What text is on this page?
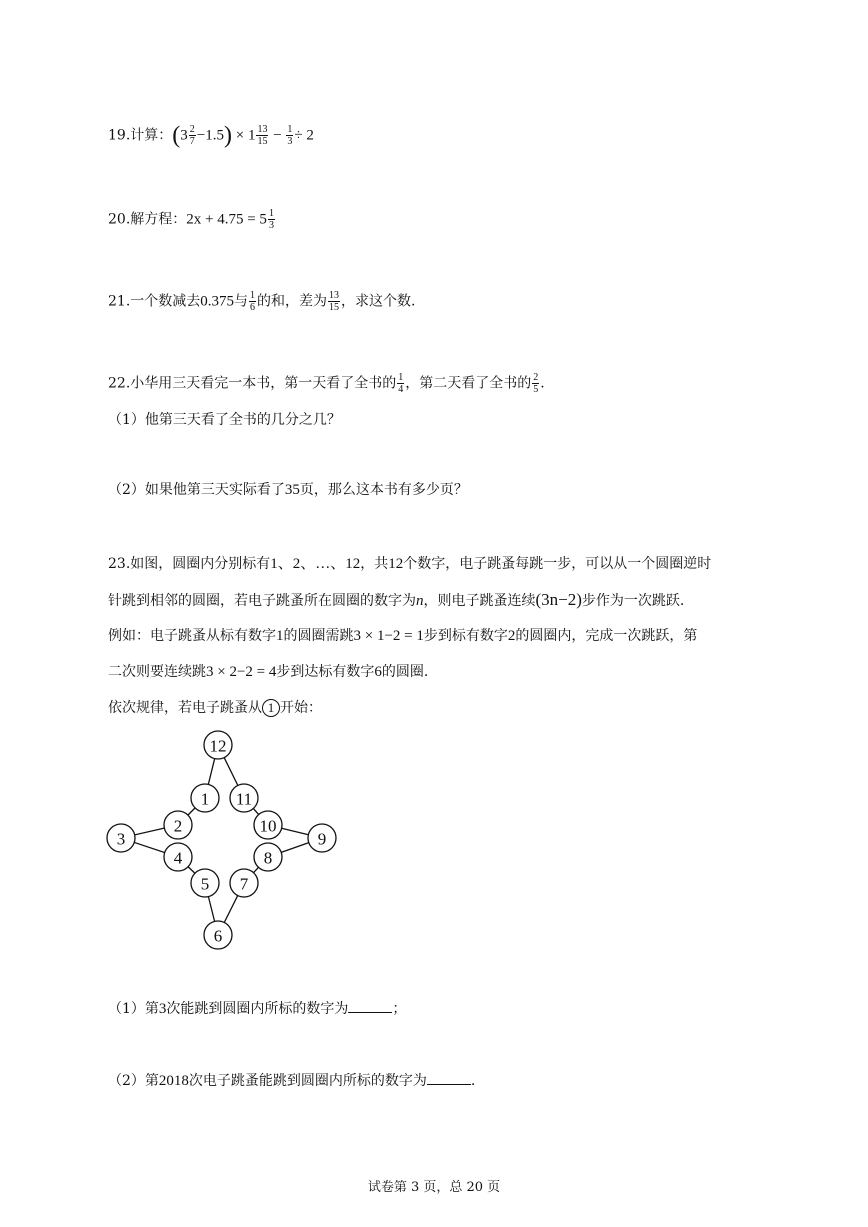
19.计算：$(3 \frac{2}{7} -1.5) \times 1 \frac{13}{15} - \frac{1}{3} \div 2$
20.解方程：$2x + 4.75 = 5 \frac{1}{3}$
21.一个数减去0.375与 $\frac{1}{6}$ 的和，差为 $\frac{13}{15}$ ，求这个数.
22.小华用三天看完一本书，第一天看了全书的 $\frac{1}{4}$ ，第二天看了全书的 $\frac{2}{5}$ .
（1）他第三天看了全书的几分之几？
（2）如果他第三天实际看了35页，那么这本书有多少页？
23.如图，圆圈内分别标有1、2、…、12，共12个数字，电子跳蚤每跳一步，可以从一个圆圈逆时
针跳到相邻的圆圈，若电子跳蚤所在圆圈的数字为n，则电子跳蚤连续(3n−2)步作为一次跳跃.
例如：电子跳蚤从标有数字1的圆圈需跳3 × 1−2 = 1步到标有数字2的圆圈内，完成一次跳跃，第
二次则要连续跳3 × 2−2 = 4步到达标有数字6的圆圈.
依次规律，若电子跳蚤从 1 开始：
12
1 11
2	10
3	9
4	8
5 7
6
（1）第3次能跳到圆圈内所标的数字为	；
（2）第2018次电子跳蚤能跳到圆圈内所标的数字为	.
试卷第 3 页，总 20 页
